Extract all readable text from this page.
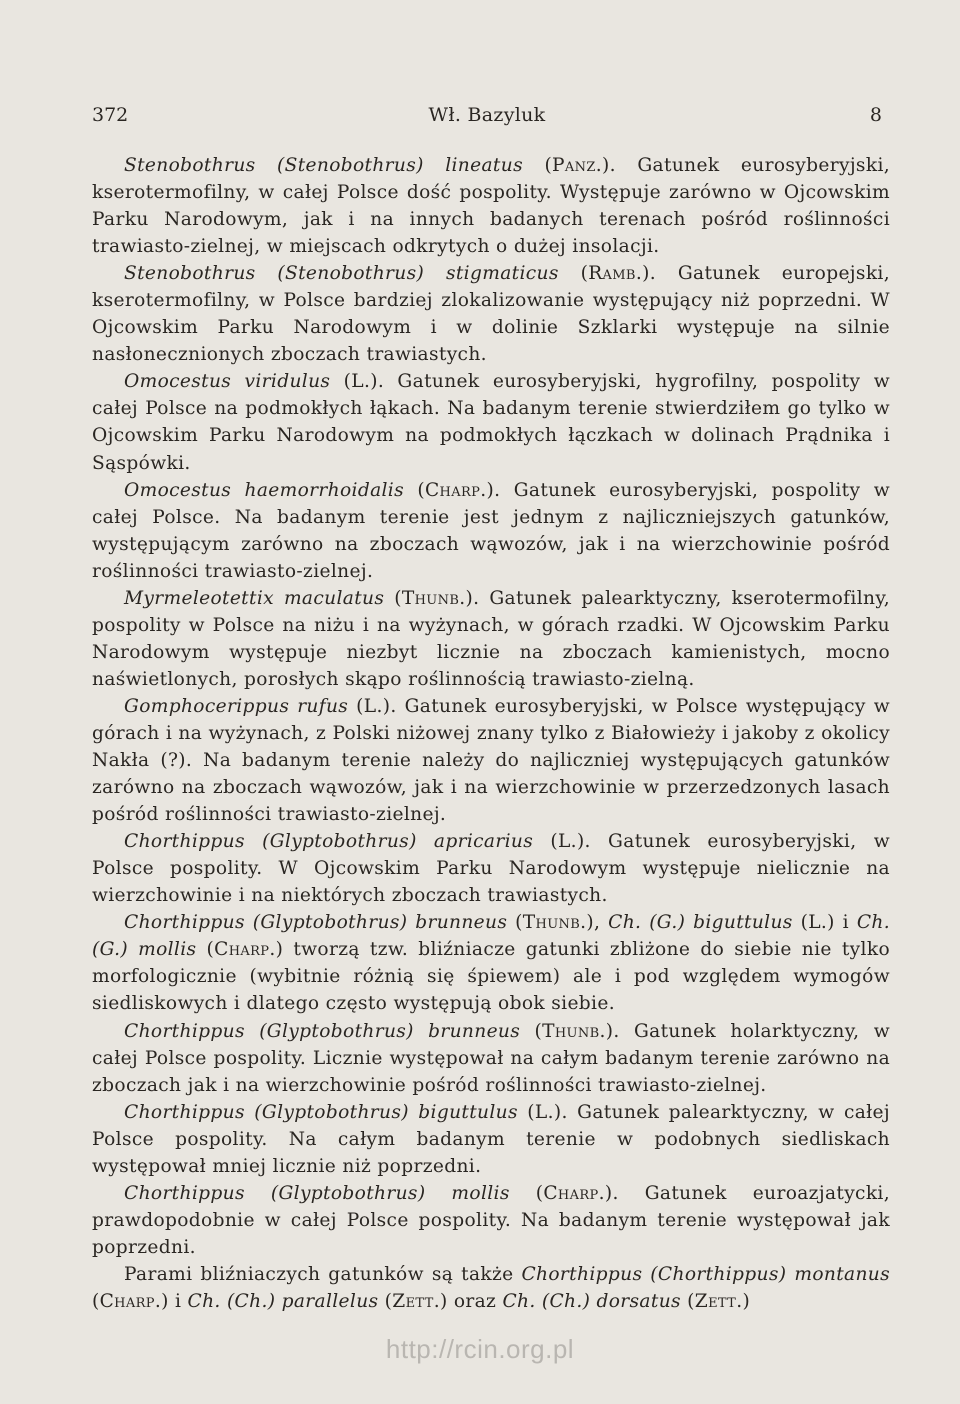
372	Wł. Bazyluk	8

Stenobothrus (Stenobothrus) lineatus (Panz.). Gatunek eurosyberyjski, kserotermofilny, w całej Polsce dość pospolity. Występuje zarówno w Ojcowskim Parku Narodowym, jak i na innych badanych terenach pośród roślinności trawiasto-zielnej, w miejscach odkrytych o dużej insolacji.

Stenobothrus (Stenobothrus) stigmaticus (Ramb.). Gatunek europejski, kserotermofilny, w Polsce bardziej zlokalizowanie występujący niż poprzedni. W Ojcowskim Parku Narodowym i w dolinie Szklarki występuje na silnie nasłonecznionych zboczach trawiastych.

Omocestus viridulus (L.). Gatunek eurosyberyjski, hygrofilny, pospolity w całej Polsce na podmokłych łąkach. Na badanym terenie stwierdziłem go tylko w Ojcowskim Parku Narodowym na podmokłych łączkach w dolinach Prądnika i Sąspówki.

Omocestus haemorrhoidalis (Charp.). Gatunek eurosyberyjski, pospolity w całej Polsce. Na badanym terenie jest jednym z najliczniejszych gatunków, występującym zarówno na zboczach wąwozów, jak i na wierzchowinie pośród roślinności trawiasto-zielnej.

Myrmeleotettix maculatus (Thunb.). Gatunek palearktyczny, kserotermofilny, pospolity w Polsce na niżu i na wyżynach, w górach rzadki. W Ojcowskim Parku Narodowym występuje niezbyt licznie na zboczach kamienistych, mocno naświetlonych, porosłych skąpo roślinnością trawiasto-zielną.

Gomphocerippus rufus (L.). Gatunek eurosyberyjski, w Polsce występujący w górach i na wyżynach, z Polski niżowej znany tylko z Białowieży i jakoby z okolicy Nakła (?). Na badanym terenie należy do najliczniej występujących gatunków zarówno na zboczach wąwozów, jak i na wierzchowinie w przerzedzonych lasach pośród roślinności trawiasto-zielnej.

Chorthippus (Glyptobothrus) apricarius (L.). Gatunek eurosyberyjski, w Polsce pospolity. W Ojcowskim Parku Narodowym występuje nielicznie na wierzchowinie i na niektórych zboczach trawiastych.

Chorthippus (Glyptobothrus) brunneus (Thunb.), Ch. (G.) biguttulus (L.) i Ch. (G.) mollis (Charp.) tworzą tzw. bliźniacze gatunki zbliżone do siebie nie tylko morfologicznie (wybitnie różnią się śpiewem) ale i pod względem wymogów siedliskowych i dlatego często występują obok siebie.

Chorthippus (Glyptobothrus) brunneus (Thunb.). Gatunek holarktyczny, w całej Polsce pospolity. Licznie występował na całym badanym terenie zarówno na zboczach jak i na wierzchowinie pośród roślinności trawiasto-zielnej.

Chorthippus (Glyptobothrus) biguttulus (L.). Gatunek palearktyczny, w całej Polsce pospolity. Na całym badanym terenie w podobnych siedliskach występował mniej licznie niż poprzedni.

Chorthippus (Glyptobothrus) mollis (Charp.). Gatunek euroazjatycki, prawdopodobnie w całej Polsce pospolity. Na badanym terenie występował jak poprzedni.

Parami bliźniaczych gatunków są także Chorthippus (Chorthippus) montanus (Charp.) i Ch. (Ch.) parallelus (Zett.) oraz Ch. (Ch.) dorsatus (Zett.)

http://rcin.org.pl
